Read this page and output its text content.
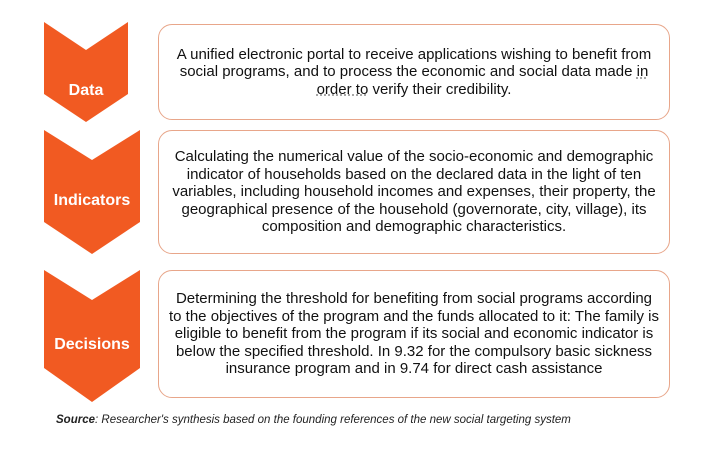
Data

A unified electronic portal to receive applications wishing to benefit from social programs, and to process the economic and social data made in order to verify their credibility.

Indicators

Calculating the numerical value of the socio-economic and demographic indicator of households based on the declared data in the light of ten variables, including household incomes and expenses, their property, the geographical presence of the household (governorate, city, village), its composition and demographic characteristics.

Decisions

Determining the threshold for benefiting from social programs according to the objectives of the program and the funds allocated to it: The family is eligible to benefit from the program if its social and economic indicator is below the specified threshold. In 9.32 for the compulsory basic sickness insurance program and in 9.74 for direct cash assistance

Source: Researcher's synthesis based on the founding references of the new social targeting system
